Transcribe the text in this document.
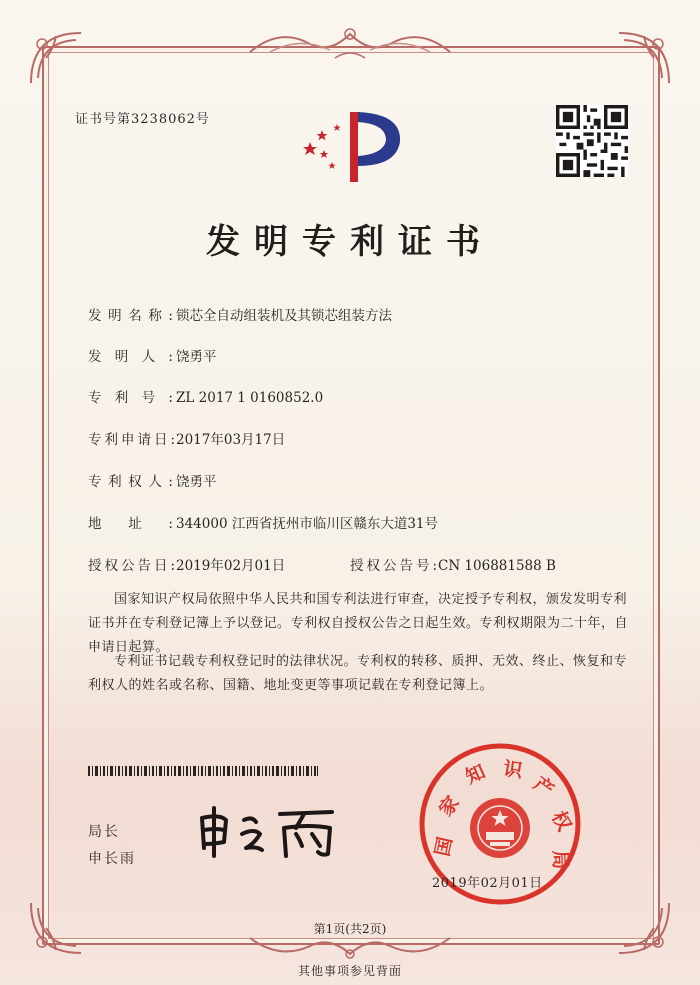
证书号第3238062号
发明专利证书
发明名称:锁芯全自动组装机及其锁芯组装方法
发明人:饶勇平
专利号:ZL 2017 1 0160852.0
专利申请日:2017年03月17日
专利权人:饶勇平
地址:344000 江西省抚州市临川区赣东大道31号
授权公告日:2019年02月01日	授权公告号:CN 106881588 B
国家知识产权局依照中华人民共和国专利法进行审查，决定授予专利权，颁发发明专利证书并在专利登记簿上予以登记。专利权自授权公告之日起生效。专利权期限为二十年，自申请日起算。
专利证书记载专利权登记时的法律状况。专利权的转移、质押、无效、终止、恢复和专利权人的姓名或名称、国籍、地址变更等事项记载在专利登记簿上。
局长
申长雨
国
家
知 识
产
权
局
2019年02月01日
第1页(共2页)
其他事项参见背面
